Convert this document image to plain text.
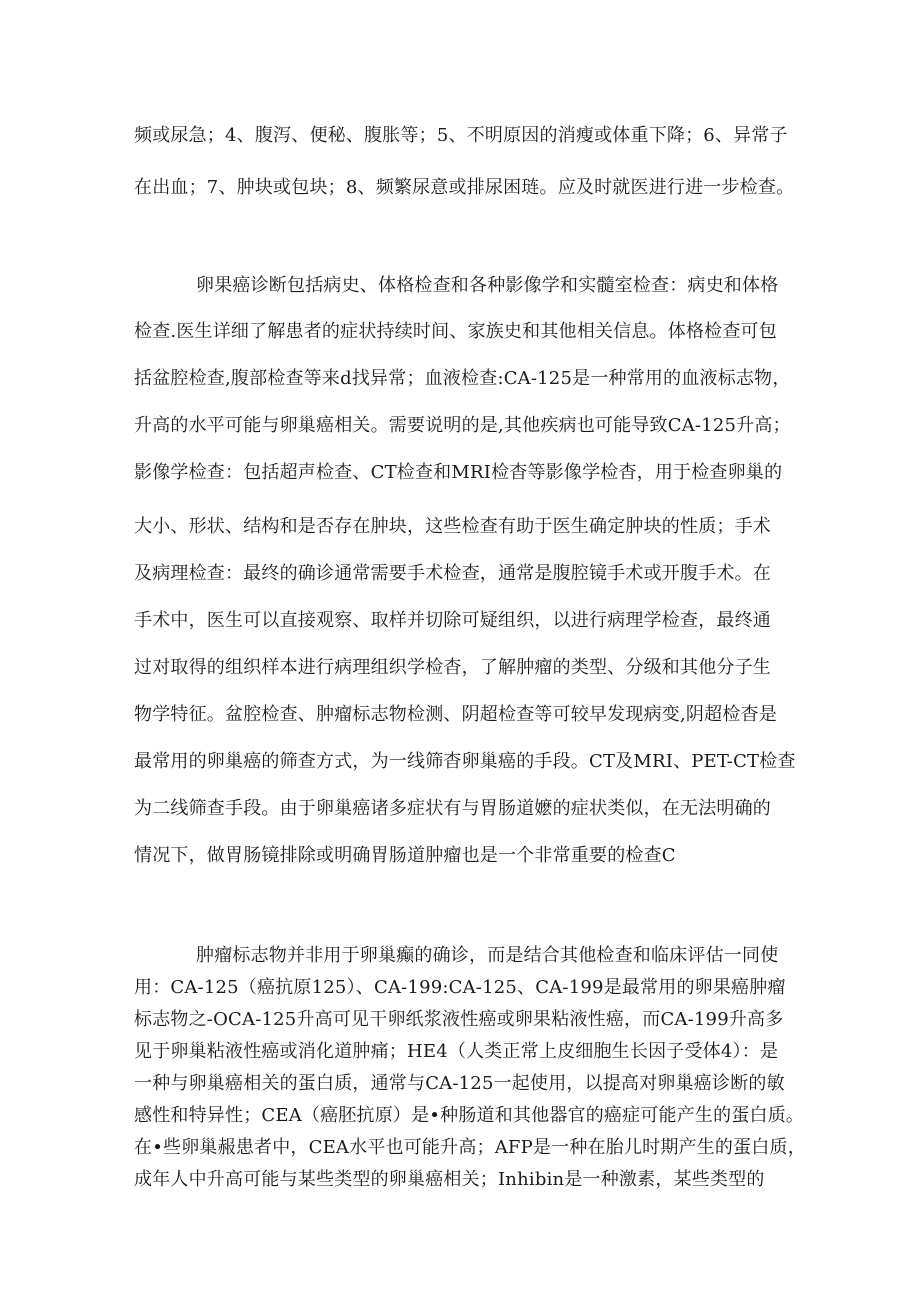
频或尿急；4、腹泻、便秘、腹胀等；5、不明原因的消瘦或体重下降；6、异常子
在出血；7、肿块或包块；8、频繁尿意或排尿困琏。应及时就医进行进一步检查。
卵果癌诊断包括病史、体格检查和各种影像学和实髓室检查：病史和体格
检查.医生详细了解患者的症状持续时间、家族史和其他相关信息。体格检查可包
括盆腔检查,腹部检查等来d找异常；血液检查:CA-125是一种常用的血液标志物，
升高的水平可能与卵巢癌相关。需要说明的是,其他疾病也可能导致CA-125升高；
影像学检查：包括超声检查、CT检查和MRI检杳等影像学检杳，用于检查卵巢的
大小、形状、结构和是否存在肿块，这些检查有助于医生确定肿块的性质；手术
及病理检查：最终的确诊通常需要手术检查，通常是腹腔镜手术或开腹手术。在
手术中，医生可以直接观察、取样并切除可疑组织，以进行病理学检查，最终通
过对取得的组织样本进行病理组织学检杳，了解肿瘤的类型、分级和其他分子生
物学特征。盆腔检查、肿瘤标志物检测、阴超检查等可较早发现病变,阴超检杳是
最常用的卵巢癌的筛查方式，为一线筛杳卵巢癌的手段。CT及MRI、PET-CT检查
为二线筛查手段。由于卵巢癌诸多症状有与胃肠道嬷的症状类似，在无法明确的
情况下，做胃肠镜排除或明确胃肠道肿瘤也是一个非常重要的检查C
肿瘤标志物并非用于卵巢癫的确诊，而是结合其他检查和临床评估一同使
用：CA-125（癌抗原125）、CA-199:CA-125、CA-199是最常用的卵果癌肿瘤
标志物之-OCA-125升高可见干卵纸浆液性癌或卵果粘液性癌，而CA-199升高多
见于卵巢粘液性癌或消化道肿痛；HE4（人类正常上皮细胞生长因子受体4）：是
一种与卵巢癌相关的蛋白质，通常与CA-125一起使用，以提高对卵巢癌诊断的敏
感性和特异性；CEA（癌胚抗原）是•种肠道和其他器官的癌症可能产生的蛋白质。
在•些卵巢赧患者中，CEA水平也可能升高；AFP是一种在胎儿时期产生的蛋白质，
成年人中升高可能与某些类型的卵巢癌相关；Inhibin是一种激素，某些类型的
